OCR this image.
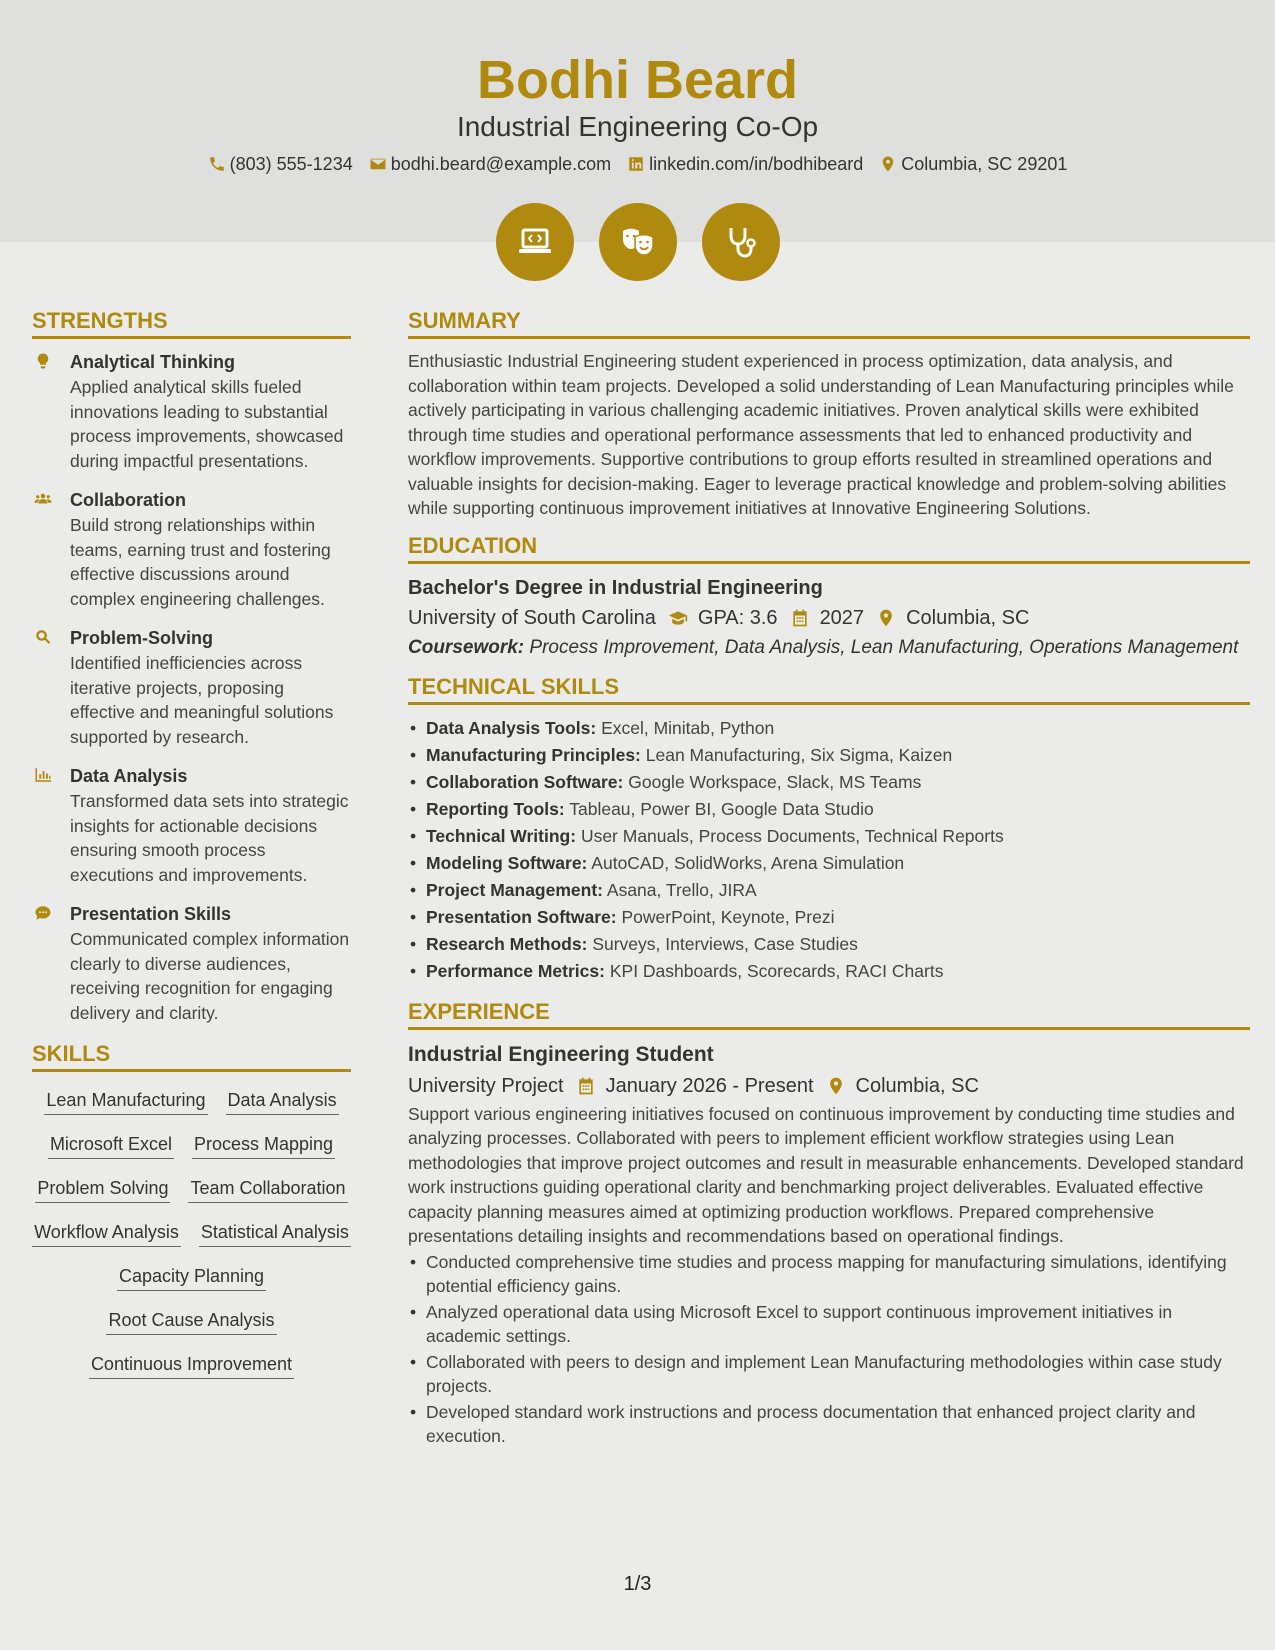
Bodhi Beard
Industrial Engineering Co-Op
(803) 555-1234 bodhi.beard@example.com linkedin.com/in/bodhibeard Columbia, SC 29201
STRENGTHS
Analytical Thinking
Applied analytical skills fueled innovations leading to substantial process improvements, showcased during impactful presentations.
Collaboration
Build strong relationships within teams, earning trust and fostering effective discussions around complex engineering challenges.
Problem-Solving
Identified inefficiencies across iterative projects, proposing effective and meaningful solutions supported by research.
Data Analysis
Transformed data sets into strategic insights for actionable decisions ensuring smooth process executions and improvements.
Presentation Skills
Communicated complex information clearly to diverse audiences, receiving recognition for engaging delivery and clarity.
SKILLS
Lean Manufacturing Data Analysis
Microsoft Excel Process Mapping
Problem Solving Team Collaboration
Workflow Analysis Statistical Analysis
Capacity Planning
Root Cause Analysis
Continuous Improvement
SUMMARY
Enthusiastic Industrial Engineering student experienced in process optimization, data analysis, and collaboration within team projects. Developed a solid understanding of Lean Manufacturing principles while actively participating in various challenging academic initiatives. Proven analytical skills were exhibited through time studies and operational performance assessments that led to enhanced productivity and workflow improvements. Supportive contributions to group efforts resulted in streamlined operations and valuable insights for decision-making. Eager to leverage practical knowledge and problem-solving abilities while supporting continuous improvement initiatives at Innovative Engineering Solutions.
EDUCATION
Bachelor's Degree in Industrial Engineering
University of South Carolina GPA: 3.6 2027 Columbia, SC
Coursework: Process Improvement, Data Analysis, Lean Manufacturing, Operations Management
TECHNICAL SKILLS
• Data Analysis Tools: Excel, Minitab, Python
• Manufacturing Principles: Lean Manufacturing, Six Sigma, Kaizen
• Collaboration Software: Google Workspace, Slack, MS Teams
• Reporting Tools: Tableau, Power BI, Google Data Studio
• Technical Writing: User Manuals, Process Documents, Technical Reports
• Modeling Software: AutoCAD, SolidWorks, Arena Simulation
• Project Management: Asana, Trello, JIRA
• Presentation Software: PowerPoint, Keynote, Prezi
• Research Methods: Surveys, Interviews, Case Studies
• Performance Metrics: KPI Dashboards, Scorecards, RACI Charts
EXPERIENCE
Industrial Engineering Student
University Project January 2026 - Present Columbia, SC
Support various engineering initiatives focused on continuous improvement by conducting time studies and analyzing processes. Collaborated with peers to implement efficient workflow strategies using Lean methodologies that improve project outcomes and result in measurable enhancements. Developed standard work instructions guiding operational clarity and benchmarking project deliverables. Evaluated effective capacity planning measures aimed at optimizing production workflows. Prepared comprehensive presentations detailing insights and recommendations based on operational findings.
• Conducted comprehensive time studies and process mapping for manufacturing simulations, identifying potential efficiency gains.
• Analyzed operational data using Microsoft Excel to support continuous improvement initiatives in academic settings.
• Collaborated with peers to design and implement Lean Manufacturing methodologies within case study projects.
• Developed standard work instructions and process documentation that enhanced project clarity and execution.
1/3
